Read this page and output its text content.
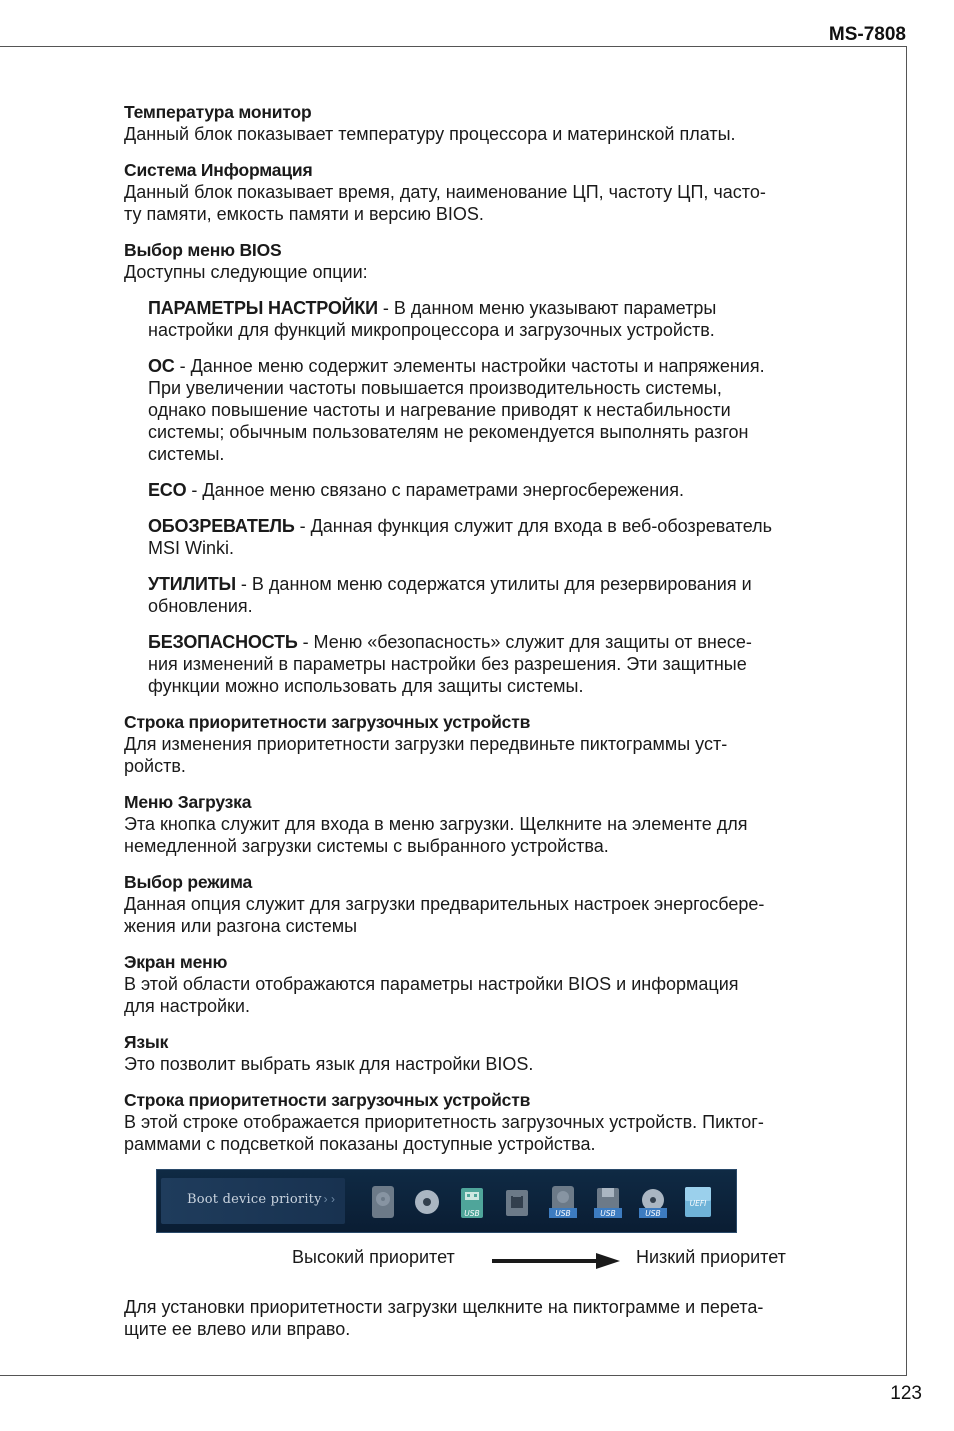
MS-7808
Температура монитор
Данный блок показывает температуру процессора и материнской платы.
Система Информация
Данный блок показывает время, дату, наименование ЦП, частоту ЦП, часто-
ту памяти, емкость памяти и версию BIOS.
Выбор меню BIOS
Доступны следующие опции:
ПАРАМЕТРЫ НАСТРОЙКИ - В данном меню указывают параметры
настройки для функций микропроцессора и загрузочных устройств.
OC - Данное меню содержит элементы настройки частоты и напряжения.
При увеличении частоты повышается производительность системы,
однако повышение частоты и нагревание приводят к нестабильности
системы; обычным пользователям не рекомендуется выполнять разгон
системы.
ECO - Данное меню связано с параметрами энергосбережения.
ОБОЗРЕВАТЕЛЬ - Данная функция служит для входа в веб-обозреватель
MSI Winki.
УТИЛИТЫ - В данном меню содержатся утилиты для резервирования и
обновления.
БЕЗОПАСНОСТЬ - Меню «безопасность» служит для защиты от внесе-
ния изменений в параметры настройки без разрешения. Эти защитные
функции можно использовать для защиты системы.
Строка приоритетности загрузочных устройств
Для изменения приоритетности загрузки передвиньте пиктограммы уст-
ройств.
Меню Загрузка
Эта кнопка служит для входа в меню загрузки. Щелкните на элементе для
немедленной загрузки системы с выбранного устройства.
Выбор режима
Данная опция служит для загрузки предварительных настроек энергосбере-
жения или разгона системы
Экран меню
В этой области отображаются параметры настройки BIOS и информация
для настройки.
Язык
Это позволит выбрать язык для настройки BIOS.
Строка приоритетности загрузочных устройств
В этой строке отображается приоритетность загрузочных устройств. Пиктог-
раммами с подсветкой показаны доступные устройства.
Boot device priority › ›
USB	USB	USB	USB
UEFI
Высокий приоритет	Низкий приоритет
Для установки приоритетности загрузки щелкните на пиктограмме и перета-
щите ее влево или вправо.
123
